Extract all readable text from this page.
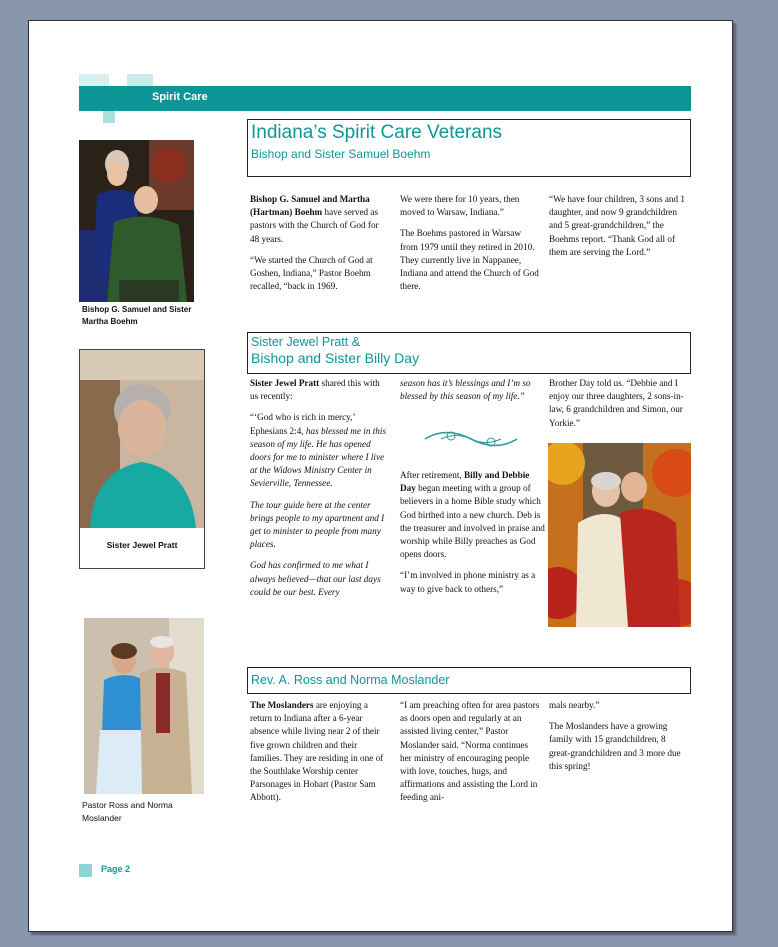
Spirit Care
Indiana’s Spirit Care Veterans
Bishop and Sister Samuel Boehm
Bishop G. Samuel and Sister Martha Boehm

Bishop G. Samuel and Martha (Hartman) Boehm have served as pastors with the Church of God for 48 years.

“We started the Church of God at Goshen, Indiana,” Pastor Boehm recalled, “back in 1969.

We were there for 10 years, then moved to Warsaw, Indiana.”

The Boehms pastored in Warsaw from 1979 until they retired in 2010. They currently live in Nappanee, Indiana and attend the Church of God there.

“We have four children, 3 sons and 1 daughter, and now 9 grandchildren and 5 great-grandchildren,” the Boehms report. “Thank God all of them are serving the Lord.”

Sister Jewel Pratt &
Bishop and Sister Billy Day
Sister Jewel Pratt

Sister Jewel Pratt shared this with us recently:

“‘God who is rich in mercy,’ Ephesians 2:4, has blessed me in this season of my life. He has opened doors for me to minister where I live at the Widows Ministry Center in Sevierville, Tennessee.

The tour guide here at the center brings people to my apartment and I get to minister to people from many places.

God has confirmed to me what I always believed—that our last days could be our best. Every

season has it’s blessings and I’m so blessed by this season of my life.”

After retirement, Billy and Debbie Day began meeting with a group of believers in a home Bible study which God birthed into a new church. Deb is the treasurer and involved in praise and worship while Billy preaches as God opens doors.

“I’m involved in phone ministry as a way to give back to others,”

Brother Day told us. “Debbie and I enjoy our three daughters, 2 sons-in-law, 6 grandchildren and Simon, our Yorkie.”

Rev. A. Ross and Norma Moslander
Pastor Ross and Norma
Moslander

The Moslanders are enjoying a return to Indiana after a 6-year absence while living near 2 of their five grown children and their families. They are residing in one of the Southlake Worship center Parsonages in Hobart (Pastor Sam Abbott).

“I am preaching often for area pastors as doors open and regularly at an assisted living center,” Pastor Moslander said. “Norma continues her ministry of encouraging people with love, touches, hugs, and affirmations and assisting the Lord in feeding ani-

mals nearby.”

The Moslanders have a growing family with 15 grandchildren, 8 great-grandchildren and 3 more due this spring!

Page 2
